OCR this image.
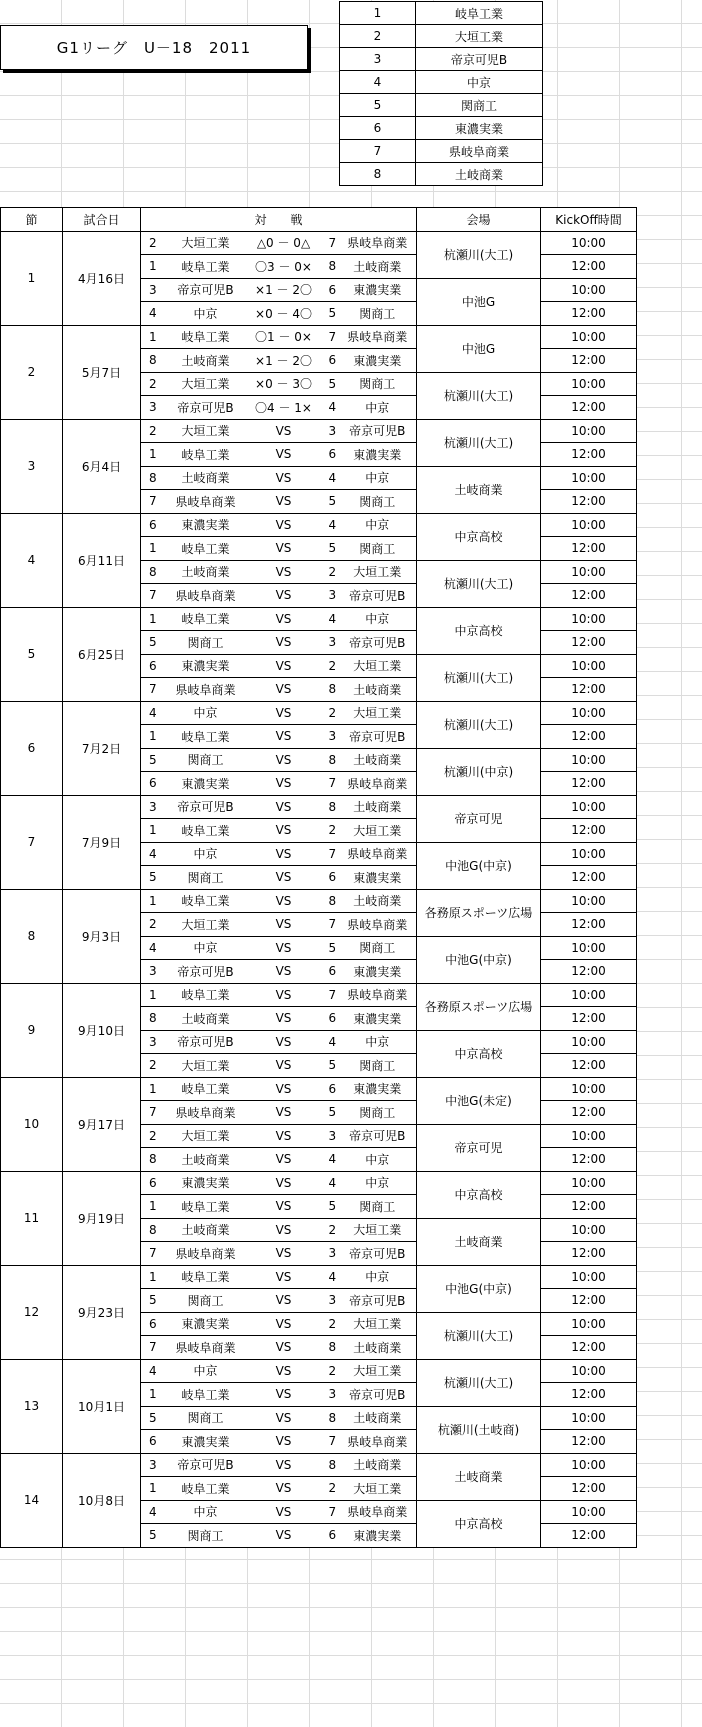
G1リーグ　U－18　2011
1	岐阜工業
2	大垣工業
3	帝京可児B
4	中京
5	関商工
6	東濃実業
7	県岐阜商業
8	土岐商業
節	試合日	対　　戦					会場	KickOff時間
1	4月16日	2	大垣工業	△0 － 0△	7	県岐阜商業	杭瀬川(大工)	10:00
		1	岐阜工業	〇3 － 0×	8	土岐商業		12:00
		3	帝京可児B	×1 － 2〇	6	東濃実業	中池G	10:00
		4	中京	×0 － 4〇	5	関商工		12:00
2	5月7日	1	岐阜工業	〇1 － 0×	7	県岐阜商業	中池G	10:00
		8	土岐商業	×1 － 2〇	6	東濃実業		12:00
		2	大垣工業	×0 － 3〇	5	関商工	杭瀬川(大工)	10:00
		3	帝京可児B	〇4 － 1×	4	中京		12:00
3	6月4日	2	大垣工業	VS	3	帝京可児B	杭瀬川(大工)	10:00
		1	岐阜工業	VS	6	東濃実業		12:00
		8	土岐商業	VS	4	中京	土岐商業	10:00
		7	県岐阜商業	VS	5	関商工		12:00
4	6月11日	6	東濃実業	VS	4	中京	中京高校	10:00
		1	岐阜工業	VS	5	関商工		12:00
		8	土岐商業	VS	2	大垣工業	杭瀬川(大工)	10:00
		7	県岐阜商業	VS	3	帝京可児B		12:00
5	6月25日	1	岐阜工業	VS	4	中京	中京高校	10:00
		5	関商工	VS	3	帝京可児B		12:00
		6	東濃実業	VS	2	大垣工業	杭瀬川(大工)	10:00
		7	県岐阜商業	VS	8	土岐商業		12:00
6	7月2日	4	中京	VS	2	大垣工業	杭瀬川(大工)	10:00
		1	岐阜工業	VS	3	帝京可児B		12:00
		5	関商工	VS	8	土岐商業	杭瀬川(中京)	10:00
		6	東濃実業	VS	7	県岐阜商業		12:00
7	7月9日	3	帝京可児B	VS	8	土岐商業	帝京可児	10:00
		1	岐阜工業	VS	2	大垣工業		12:00
		4	中京	VS	7	県岐阜商業	中池G(中京)	10:00
		5	関商工	VS	6	東濃実業		12:00
8	9月3日	1	岐阜工業	VS	8	土岐商業	各務原スポーツ広場	10:00
		2	大垣工業	VS	7	県岐阜商業		12:00
		4	中京	VS	5	関商工	中池G(中京)	10:00
		3	帝京可児B	VS	6	東濃実業		12:00
9	9月10日	1	岐阜工業	VS	7	県岐阜商業	各務原スポーツ広場	10:00
		8	土岐商業	VS	6	東濃実業		12:00
		3	帝京可児B	VS	4	中京	中京高校	10:00
		2	大垣工業	VS	5	関商工		12:00
10	9月17日	1	岐阜工業	VS	6	東濃実業	中池G(未定)	10:00
		7	県岐阜商業	VS	5	関商工		12:00
		2	大垣工業	VS	3	帝京可児B	帝京可児	10:00
		8	土岐商業	VS	4	中京		12:00
11	9月19日	6	東濃実業	VS	4	中京	中京高校	10:00
		1	岐阜工業	VS	5	関商工		12:00
		8	土岐商業	VS	2	大垣工業	土岐商業	10:00
		7	県岐阜商業	VS	3	帝京可児B		12:00
12	9月23日	1	岐阜工業	VS	4	中京	中池G(中京)	10:00
		5	関商工	VS	3	帝京可児B		12:00
		6	東濃実業	VS	2	大垣工業	杭瀬川(大工)	10:00
		7	県岐阜商業	VS	8	土岐商業		12:00
13	10月1日	4	中京	VS	2	大垣工業	杭瀬川(大工)	10:00
		1	岐阜工業	VS	3	帝京可児B		12:00
		5	関商工	VS	8	土岐商業	杭瀬川(土岐商)	10:00
		6	東濃実業	VS	7	県岐阜商業		12:00
14	10月8日	3	帝京可児B	VS	8	土岐商業	土岐商業	10:00
		1	岐阜工業	VS	2	大垣工業		12:00
		4	中京	VS	7	県岐阜商業	中京高校	10:00
		5	関商工	VS	6	東濃実業		12:00
